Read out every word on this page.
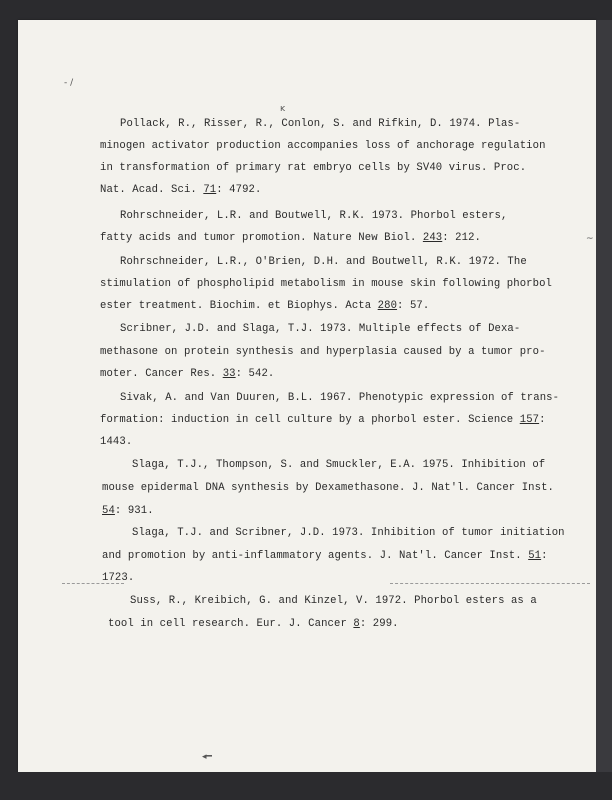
- /
ĸ
~
◂━
Pollack, R., Risser, R., Conlon, S. and Rifkin, D. 1974. Plas-
minogen activator production accompanies loss of anchorage regulation
in transformation of primary rat embryo cells by SV40 virus. Proc.
Nat. Acad. Sci. 71: 4792.
Rohrschneider, L.R. and Boutwell, R.K. 1973. Phorbol esters,
fatty acids and tumor promotion. Nature New Biol. 243: 212.
Rohrschneider, L.R., O'Brien, D.H. and Boutwell, R.K. 1972. The
stimulation of phospholipid metabolism in mouse skin following phorbol
ester treatment. Biochim. et Biophys. Acta 280: 57.
Scribner, J.D. and Slaga, T.J. 1973. Multiple effects of Dexa-
methasone on protein synthesis and hyperplasia caused by a tumor pro-
moter. Cancer Res. 33: 542.
Sivak, A. and Van Duuren, B.L. 1967. Phenotypic expression of trans-
formation: induction in cell culture by a phorbol ester. Science 157:
1443.
Slaga, T.J., Thompson, S. and Smuckler, E.A. 1975. Inhibition of
mouse epidermal DNA synthesis by Dexamethasone. J. Nat'l. Cancer Inst.
54: 931.
Slaga, T.J. and Scribner, J.D. 1973. Inhibition of tumor initiation
and promotion by anti-inflammatory agents. J. Nat'l. Cancer Inst. 51:
1723.
Suss, R., Kreibich, G. and Kinzel, V. 1972. Phorbol esters as a
tool in cell research. Eur. J. Cancer 8: 299.
